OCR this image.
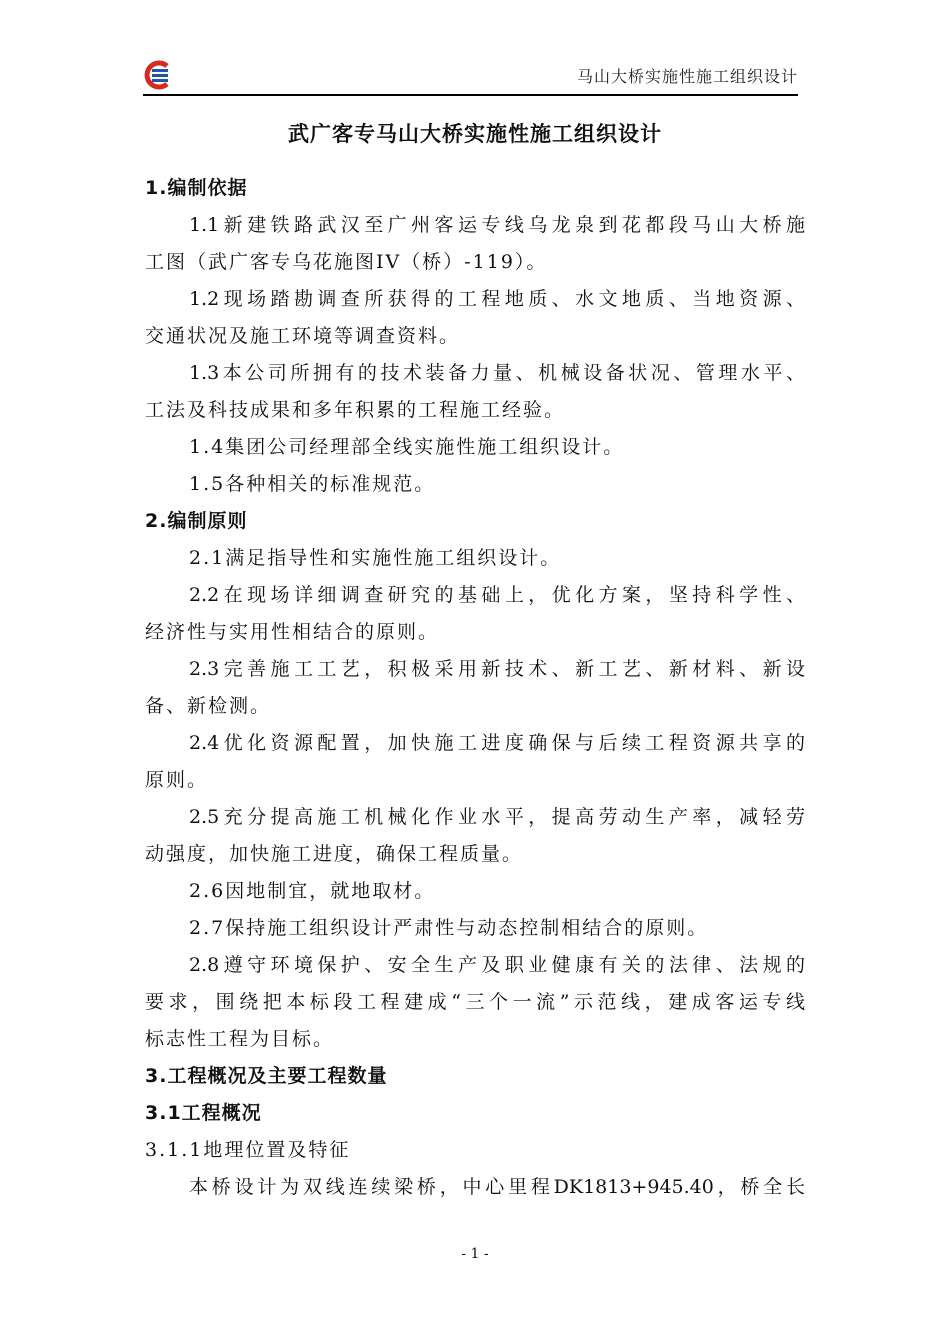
马山大桥实施性施工组织设计
武广客专马山大桥实施性施工组织设计
1.编制依据
1.1新建铁路武汉至广州客运专线乌龙泉到花都段马山大桥施
工图（武广客专乌花施图IV（桥）-119）。
1.2现场踏勘调查所获得的工程地质、水文地质、当地资源、
交通状况及施工环境等调查资料。
1.3本公司所拥有的技术装备力量、机械设备状况、管理水平、
工法及科技成果和多年积累的工程施工经验。
1.4集团公司经理部全线实施性施工组织设计。
1.5各种相关的标准规范。
2.编制原则
2.1满足指导性和实施性施工组织设计。
2.2在现场详细调查研究的基础上，优化方案，坚持科学性、
经济性与实用性相结合的原则。
2.3完善施工工艺，积极采用新技术、新工艺、新材料、新设
备、新检测。
2.4优化资源配置，加快施工进度确保与后续工程资源共享的
原则。
2.5充分提高施工机械化作业水平，提高劳动生产率，减轻劳
动强度，加快施工进度，确保工程质量。
2.6因地制宜，就地取材。
2.7保持施工组织设计严肃性与动态控制相结合的原则。
2.8遵守环境保护、安全生产及职业健康有关的法律、法规的
要求，围绕把本标段工程建成“三个一流”示范线，建成客运专线
标志性工程为目标。
3.工程概况及主要工程数量
3.1工程概况
3.1.1地理位置及特征
本桥设计为双线连续梁桥，中心里程DK1813+945.40，桥全长
- 1 -
